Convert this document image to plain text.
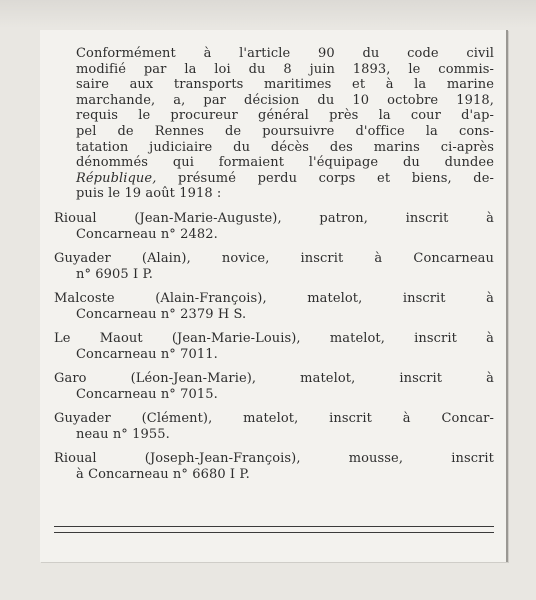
Conformément à l'article 90 du code civil
modifié par la loi du 8 juin 1893, le commis-
saire aux transports maritimes et à la marine
marchande, a, par décision du 10 octobre 1918,
requis le procureur général près la cour d'ap-
pel de Rennes de poursuivre d'office la cons-
tatation judiciaire du décès des marins ci-après
dénommés qui formaient l'équipage du dundee
République, présumé perdu corps et biens, de-
puis le 19 août 1918 :

Rioual (Jean-Marie-Auguste), patron, inscrit à
Concarneau n° 2482.

Guyader (Alain), novice, inscrit à Concarneau
n° 6905 I P.

Malcoste (Alain-François), matelot, inscrit à
Concarneau n° 2379 H S.

Le Maout (Jean-Marie-Louis), matelot, inscrit à
Concarneau n° 7011.

Garo (Léon-Jean-Marie), matelot, inscrit à
Concarneau n° 7015.

Guyader (Clément), matelot, inscrit à Concar-
neau n° 1955.

Rioual (Joseph-Jean-François), mousse, inscrit
à Concarneau n° 6680 I P.
